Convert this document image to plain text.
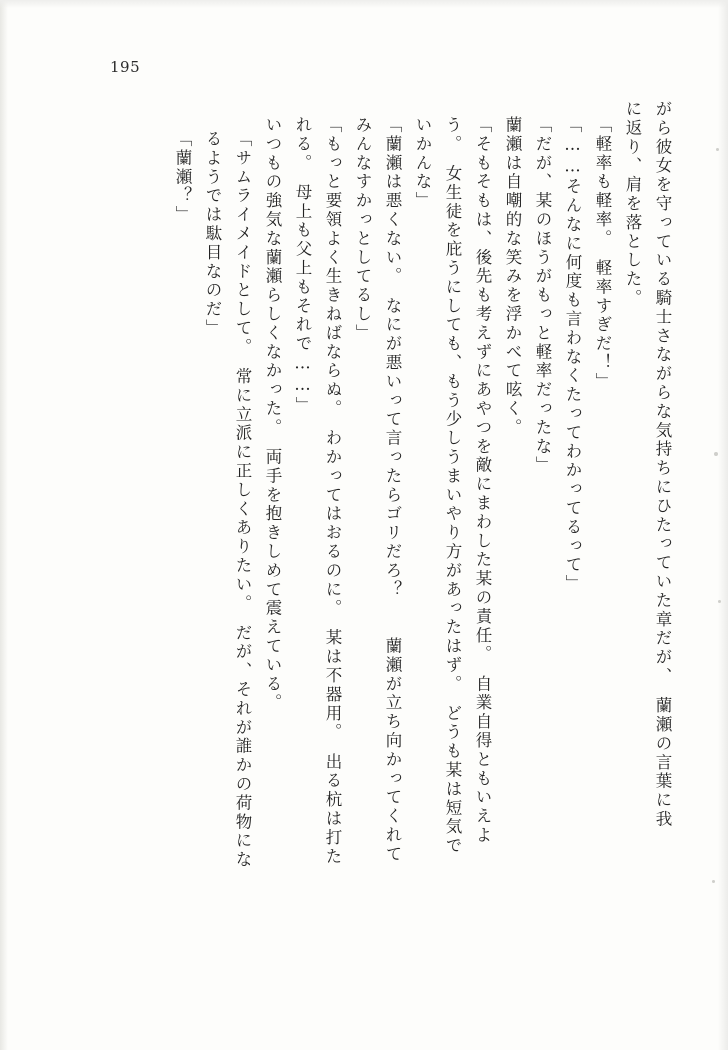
195
がら彼女を守っている騎士さながらな気持ちにひたっていた章だが、　蘭瀬の言葉に我
に返り、肩を落とした。
「軽率も軽率。　軽率すぎだ！」
「……そんなに何度も言わなくたってわかってるって」
「だが、某のほうがもっと軽率だったな」
蘭瀬は自嘲的な笑みを浮かべて呟く。
「そもそもは、後先も考えずにあやつを敵にまわした某の責任。　自業自得ともいえよ
う。　女生徒を庇うにしても、もう少しうまいやり方があったはず。　どうも某は短気で
いかんな」
「蘭瀬は悪くない。　なにが悪いって言ったらゴリだろ？　　蘭瀬が立ち向かってくれて
みんなすかっとしてるし」
「もっと要領よく生きねばならぬ。　わかってはおるのに。　某は不器用。　出る杭は打た
れる。　母上も父上もそれで……」
いつもの強気な蘭瀬らしくなかった。　両手を抱きしめて震えている。
「サムライメイドとして。　常に立派に正しくありたい。　だが、それが誰かの荷物にな
るようでは駄目なのだ」
「蘭瀬？」
